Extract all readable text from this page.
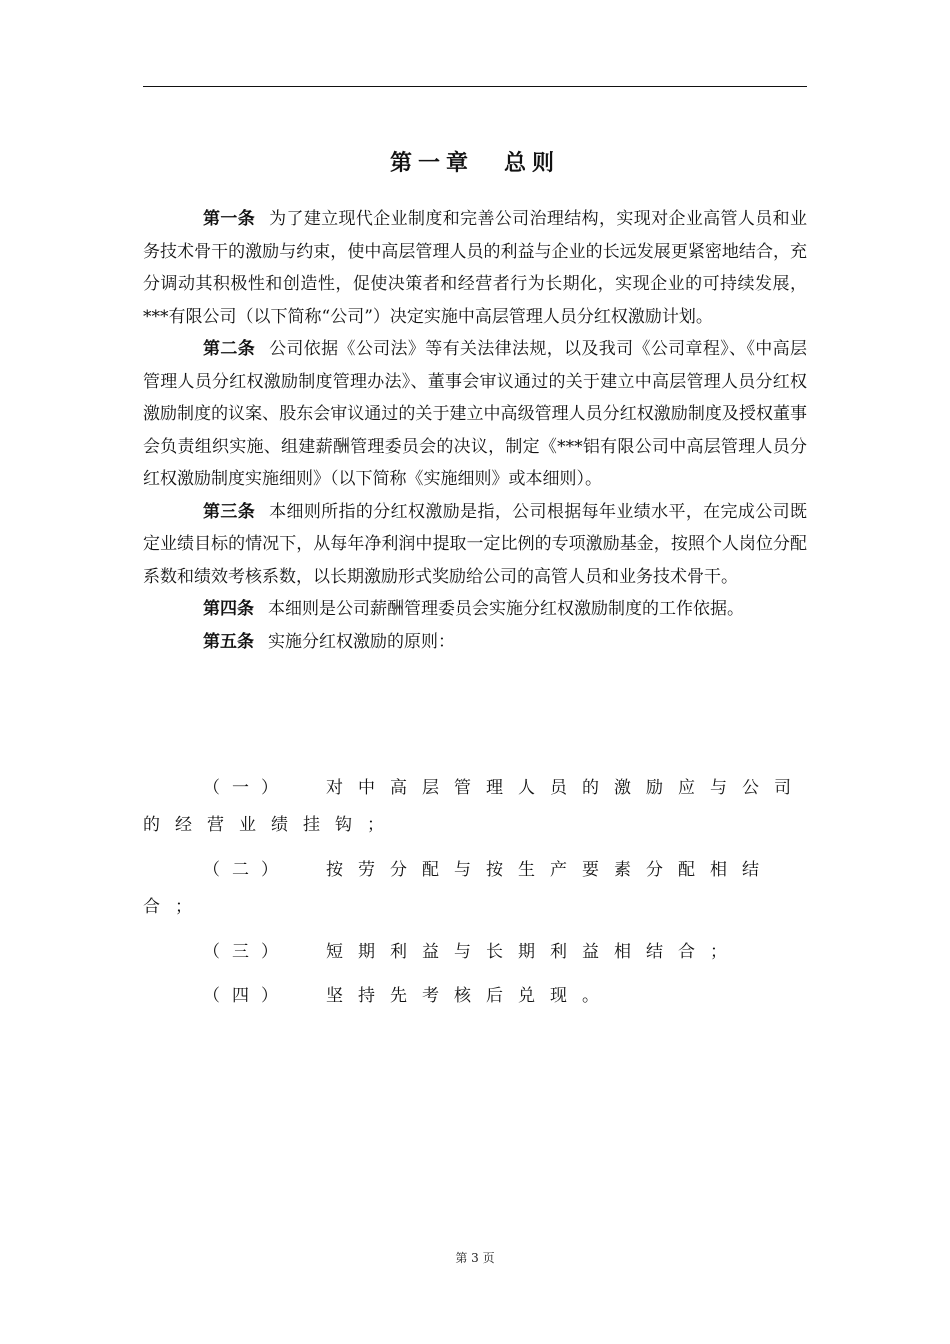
第一章 总则

第一条 为了建立现代企业制度和完善公司治理结构，实现对企业高管人员和业务技术骨干的激励与约束，使中高层管理人员的利益与企业的长远发展更紧密地结合，充分调动其积极性和创造性，促使决策者和经营者行为长期化，实现企业的可持续发展， ***有限公司（以下简称“公司”）决定实施中高层管理人员分红权激励计划。

第二条 公司依据《公司法》等有关法律法规，以及我司《公司章程》、《中高层管理人员分红权激励制度管理办法》、董事会审议通过的关于建立中高层管理人员分红权激励制度的议案、股东会审议通过的关于建立中高级管理人员分红权激励制度及授权董事会负责组织实施、组建薪酬管理委员会的决议，制定《***铝有限公司中高层管理人员分红权激励制度实施细则》（以下简称《实施细则》或本细则）。

第三条 本细则所指的分红权激励是指，公司根据每年业绩水平，在完成公司既定业绩目标的情况下，从每年净利润中提取一定比例的专项激励基金，按照个人岗位分配系数和绩效考核系数，以长期激励形式奖励给公司的高管人员和业务技术骨干。

第四条 本细则是公司薪酬管理委员会实施分红权激励制度的工作依据。

第五条 实施分红权激励的原则：

（一） 对中高层管理人员的激励应与公司的经营业绩挂钩；

（二） 按劳分配与按生产要素分配相结合；

（三） 短期利益与长期利益相结合；

（四） 坚持先考核后兑现。

第 3 页
